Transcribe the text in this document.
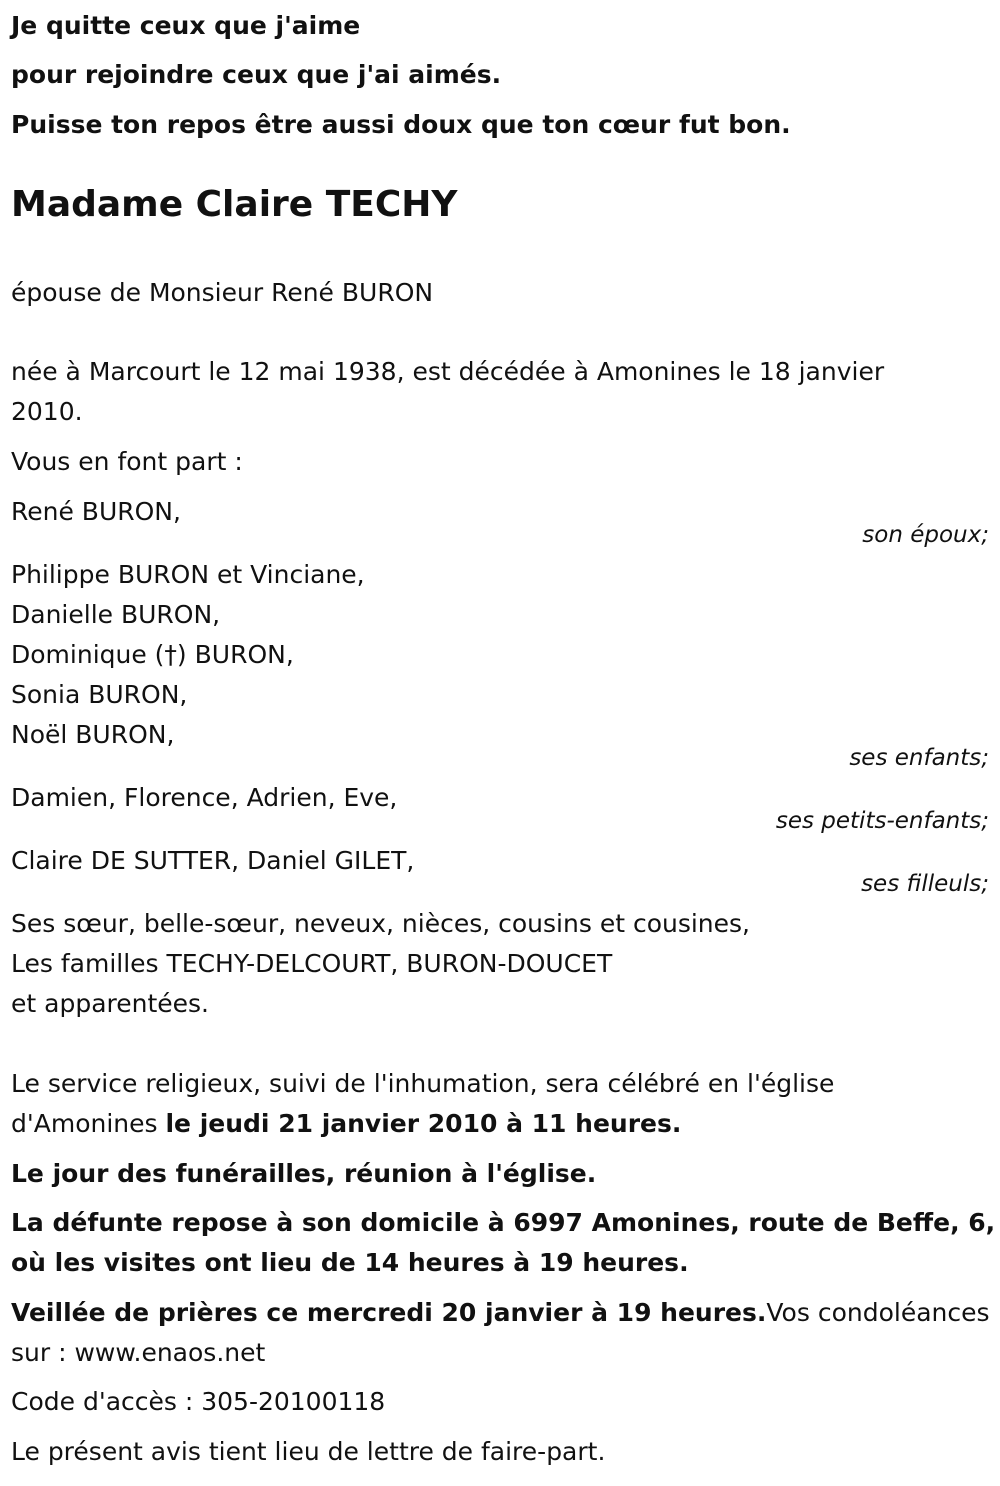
Je quitte ceux que j'aime
pour rejoindre ceux que j'ai aimés.
Puisse ton repos être aussi doux que ton cœur fut bon.
Madame Claire TECHY
épouse de Monsieur René BURON
née à Marcourt le 12 mai 1938, est décédée à Amonines le 18 janvier
2010.
Vous en font part :
René BURON,
son époux;
Philippe BURON et Vinciane,
Danielle BURON,
Dominique (†) BURON,
Sonia BURON,
Noël BURON,
ses enfants;
Damien, Florence, Adrien, Eve,
ses petits-enfants;
Claire DE SUTTER, Daniel GILET,
ses filleuls;
Ses sœur, belle-sœur, neveux, nièces, cousins et cousines,
Les familles TECHY-DELCOURT, BURON-DOUCET
et apparentées.
Le service religieux, suivi de l'inhumation, sera célébré en l'église
d'Amonines le jeudi 21 janvier 2010 à 11 heures.
Le jour des funérailles, réunion à l'église.
La défunte repose à son domicile à 6997 Amonines, route de Beffe, 6,
où les visites ont lieu de 14 heures à 19 heures.
Veillée de prières ce mercredi 20 janvier à 19 heures.Vos condoléances
sur : www.enaos.net
Code d'accès : 305-20100118
Le présent avis tient lieu de lettre de faire-part.
